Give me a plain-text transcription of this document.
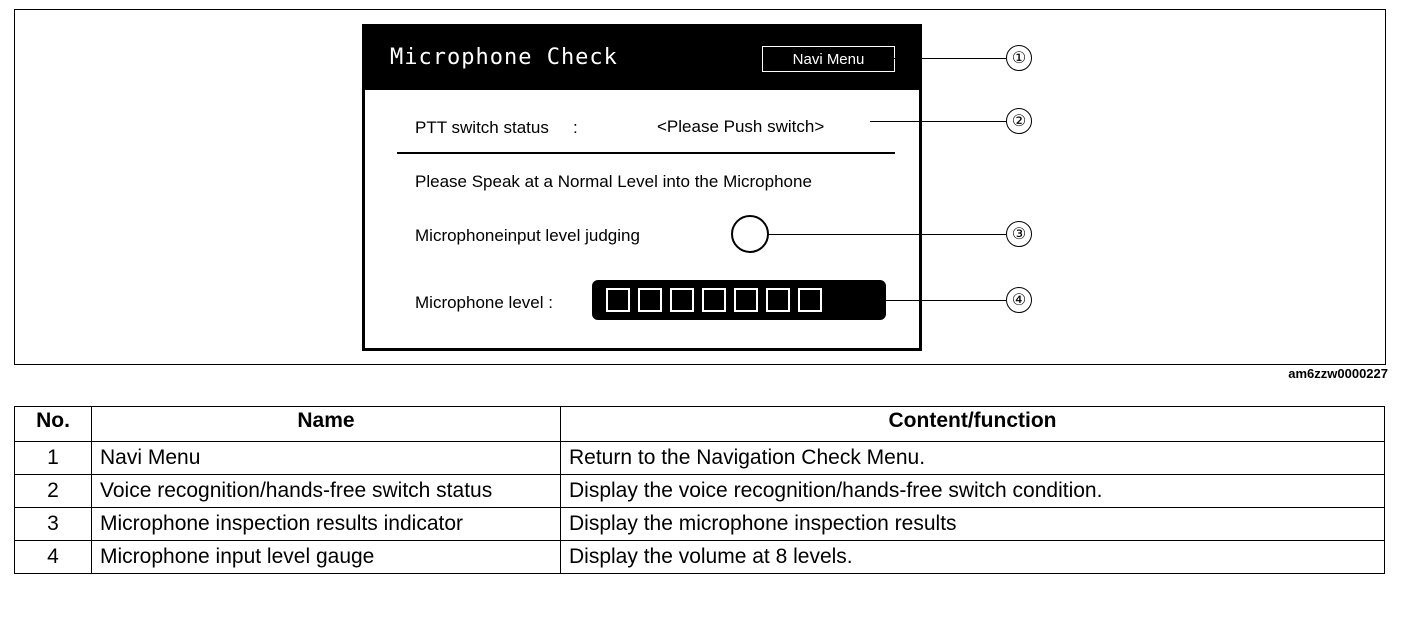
Microphone Check	Navi Menu
PTT switch status :	<Please Push switch>
Please Speak at a Normal Level into the Microphone
Microphoneinput level judging
Microphone level :
①
②
③
④
am6zzw0000227
No.	Name	Content/function
1	Navi Menu	Return to the Navigation Check Menu.
2	Voice recognition/hands-free switch status	Display the voice recognition/hands-free switch condition.
3	Microphone inspection results indicator	Display the microphone inspection results
4	Microphone input level gauge	Display the volume at 8 levels.
